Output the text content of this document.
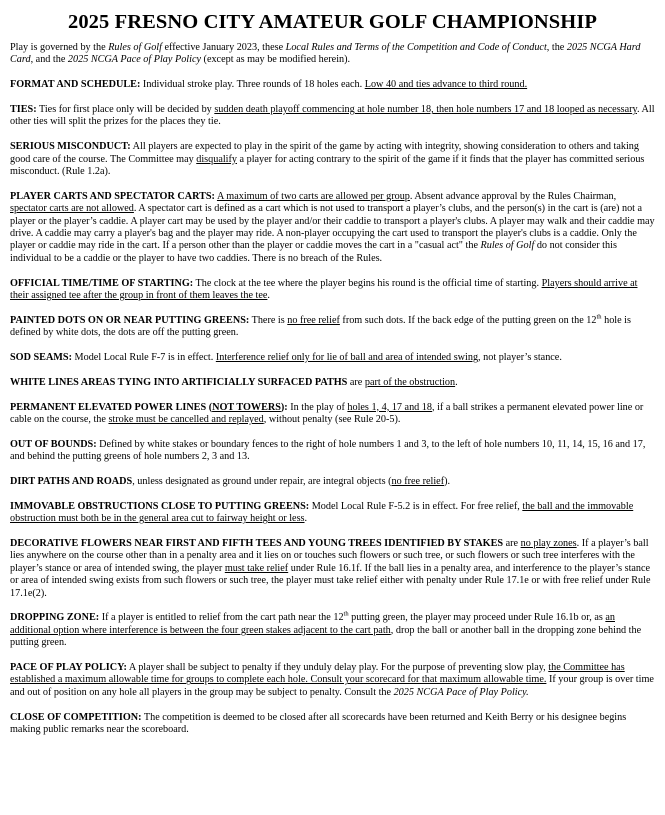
2025 FRESNO CITY AMATEUR GOLF CHAMPIONSHIP

Play is governed by the Rules of Golf effective January 2023, these Local Rules and Terms of the Competition and Code of Conduct, the 2025 NCGA Hard Card, and the 2025 NCGA Pace of Play Policy (except as may be modified herein).

FORMAT AND SCHEDULE: Individual stroke play. Three rounds of 18 holes each. Low 40 and ties advance to third round.

TIES: Ties for first place only will be decided by sudden death playoff commencing at hole number 18, then hole numbers 17 and 18 looped as necessary. All other ties will split the prizes for the places they tie.

SERIOUS MISCONDUCT: All players are expected to play in the spirit of the game by acting with integrity, showing consideration to others and taking good care of the course. The Committee may disqualify a player for acting contrary to the spirit of the game if it finds that the player has committed serious misconduct. (Rule 1.2a).

PLAYER CARTS AND SPECTATOR CARTS: A maximum of two carts are allowed per group. Absent advance approval by the Rules Chairman, spectator carts are not allowed. A spectator cart is defined as a cart which is not used to transport a player’s clubs, and the person(s) in the cart is (are) not a player or the player’s caddie. A player cart may be used by the player and/or their caddie to transport a player's clubs. A player may walk and their caddie may drive. A caddie may carry a player's bag and the player may ride. A non-player occupying the cart used to transport the player's clubs is a caddie. Only the player or caddie may ride in the cart. If a person other than the player or caddie moves the cart in a "casual act" the Rules of Golf do not consider this individual to be a caddie or the player to have two caddies. There is no breach of the Rules.

OFFICIAL TIME/TIME OF STARTING: The clock at the tee where the player begins his round is the official time of starting. Players should arrive at their assigned tee after the group in front of them leaves the tee.

PAINTED DOTS ON OR NEAR PUTTING GREENS: There is no free relief from such dots. If the back edge of the putting green on the 12th hole is defined by white dots, the dots are off the putting green.

SOD SEAMS: Model Local Rule F-7 is in effect. Interference relief only for lie of ball and area of intended swing, not player’s stance.

WHITE LINES AREAS TYING INTO ARTIFICIALLY SURFACED PATHS are part of the obstruction.

PERMANENT ELEVATED POWER LINES (NOT TOWERS): In the play of holes 1, 4, 17 and 18, if a ball strikes a permanent elevated power line or cable on the course, the stroke must be cancelled and replayed, without penalty (see Rule 20-5).

OUT OF BOUNDS: Defined by white stakes or boundary fences to the right of hole numbers 1 and 3, to the left of hole numbers 10, 11, 14, 15, 16 and 17, and behind the putting greens of hole numbers 2, 3 and 13.

DIRT PATHS AND ROADS, unless designated as ground under repair, are integral objects (no free relief).

IMMOVABLE OBSTRUCTIONS CLOSE TO PUTTING GREENS: Model Local Rule F-5.2 is in effect. For free relief, the ball and the immovable obstruction must both be in the general area cut to fairway height or less.

DECORATIVE FLOWERS NEAR FIRST AND FIFTH TEES AND YOUNG TREES IDENTIFIED BY STAKES are no play zones. If a player’s ball lies anywhere on the course other than in a penalty area and it lies on or touches such flowers or such tree, or such flowers or such tree interferes with the player’s stance or area of intended swing, the player must take relief under Rule 16.1f. If the ball lies in a penalty area, and interference to the player’s stance or area of intended swing exists from such flowers or such tree, the player must take relief either with penalty under Rule 17.1e or with free relief under Rule 17.1e(2).

DROPPING ZONE: If a player is entitled to relief from the cart path near the 12th putting green, the player may proceed under Rule 16.1b or, as an additional option where interference is between the four green stakes adjacent to the cart path, drop the ball or another ball in the dropping zone behind the putting green.

PACE OF PLAY POLICY: A player shall be subject to penalty if they unduly delay play. For the purpose of preventing slow play, the Committee has established a maximum allowable time for groups to complete each hole. Consult your scorecard for that maximum allowable time. If your group is over time and out of position on any hole all players in the group may be subject to penalty. Consult the 2025 NCGA Pace of Play Policy.

CLOSE OF COMPETITION: The competition is deemed to be closed after all scorecards have been returned and Keith Berry or his designee begins making public remarks near the scoreboard.
